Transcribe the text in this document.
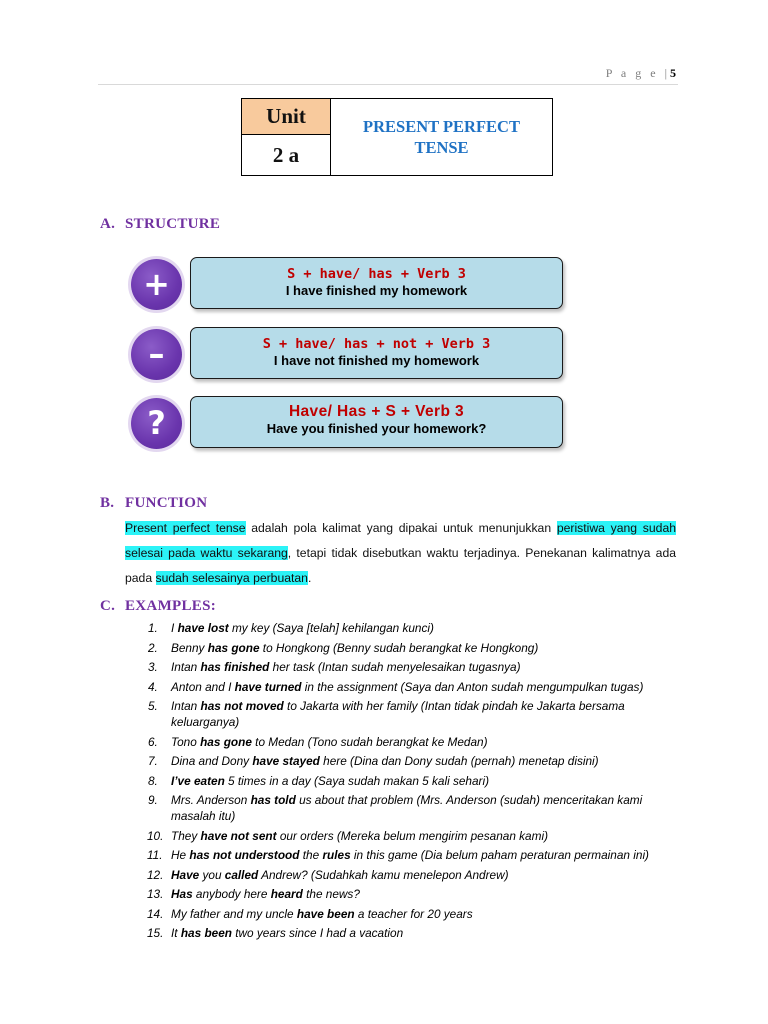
P a g e |5
Unit	PRESENT PERFECT
TENSE
2 a
A. STRUCTURE
+	S + have/ has + Verb 3
I have finished my homework
–	S + have/ has + not + Verb 3
I have not finished my homework
?	Have/ Has + S + Verb 3
Have you finished your homework?
B. FUNCTION
Present perfect tense adalah pola kalimat yang dipakai untuk menunjukkan peristiwa yang sudah selesai pada waktu sekarang, tetapi tidak disebutkan waktu terjadinya. Penekanan kalimatnya ada pada sudah selesainya perbuatan.
C. EXAMPLES:
1. I have lost my key (Saya [telah] kehilangan kunci)
2. Benny has gone to Hongkong (Benny sudah berangkat ke Hongkong)
3. Intan has finished her task (Intan sudah menyelesaikan tugasnya)
4. Anton and I have turned in the assignment (Saya dan Anton sudah mengumpulkan tugas)
5. Intan has not moved to Jakarta with her family (Intan tidak pindah ke Jakarta bersama keluarganya)
6. Tono has gone to Medan (Tono sudah berangkat ke Medan)
7. Dina and Dony have stayed here (Dina dan Dony sudah (pernah) menetap disini)
8. I’ve eaten 5 times in a day (Saya sudah makan 5 kali sehari)
9. Mrs. Anderson has told us about that problem (Mrs. Anderson (sudah) menceritakan kami masalah itu)
10. They have not sent our orders (Mereka belum mengirim pesanan kami)
11. He has not understood the rules in this game (Dia belum paham peraturan permainan ini)
12. Have you called Andrew? (Sudahkah kamu menelepon Andrew)
13. Has anybody here heard the news?
14. My father and my uncle have been a teacher for 20 years
15. It has been two years since I had a vacation
